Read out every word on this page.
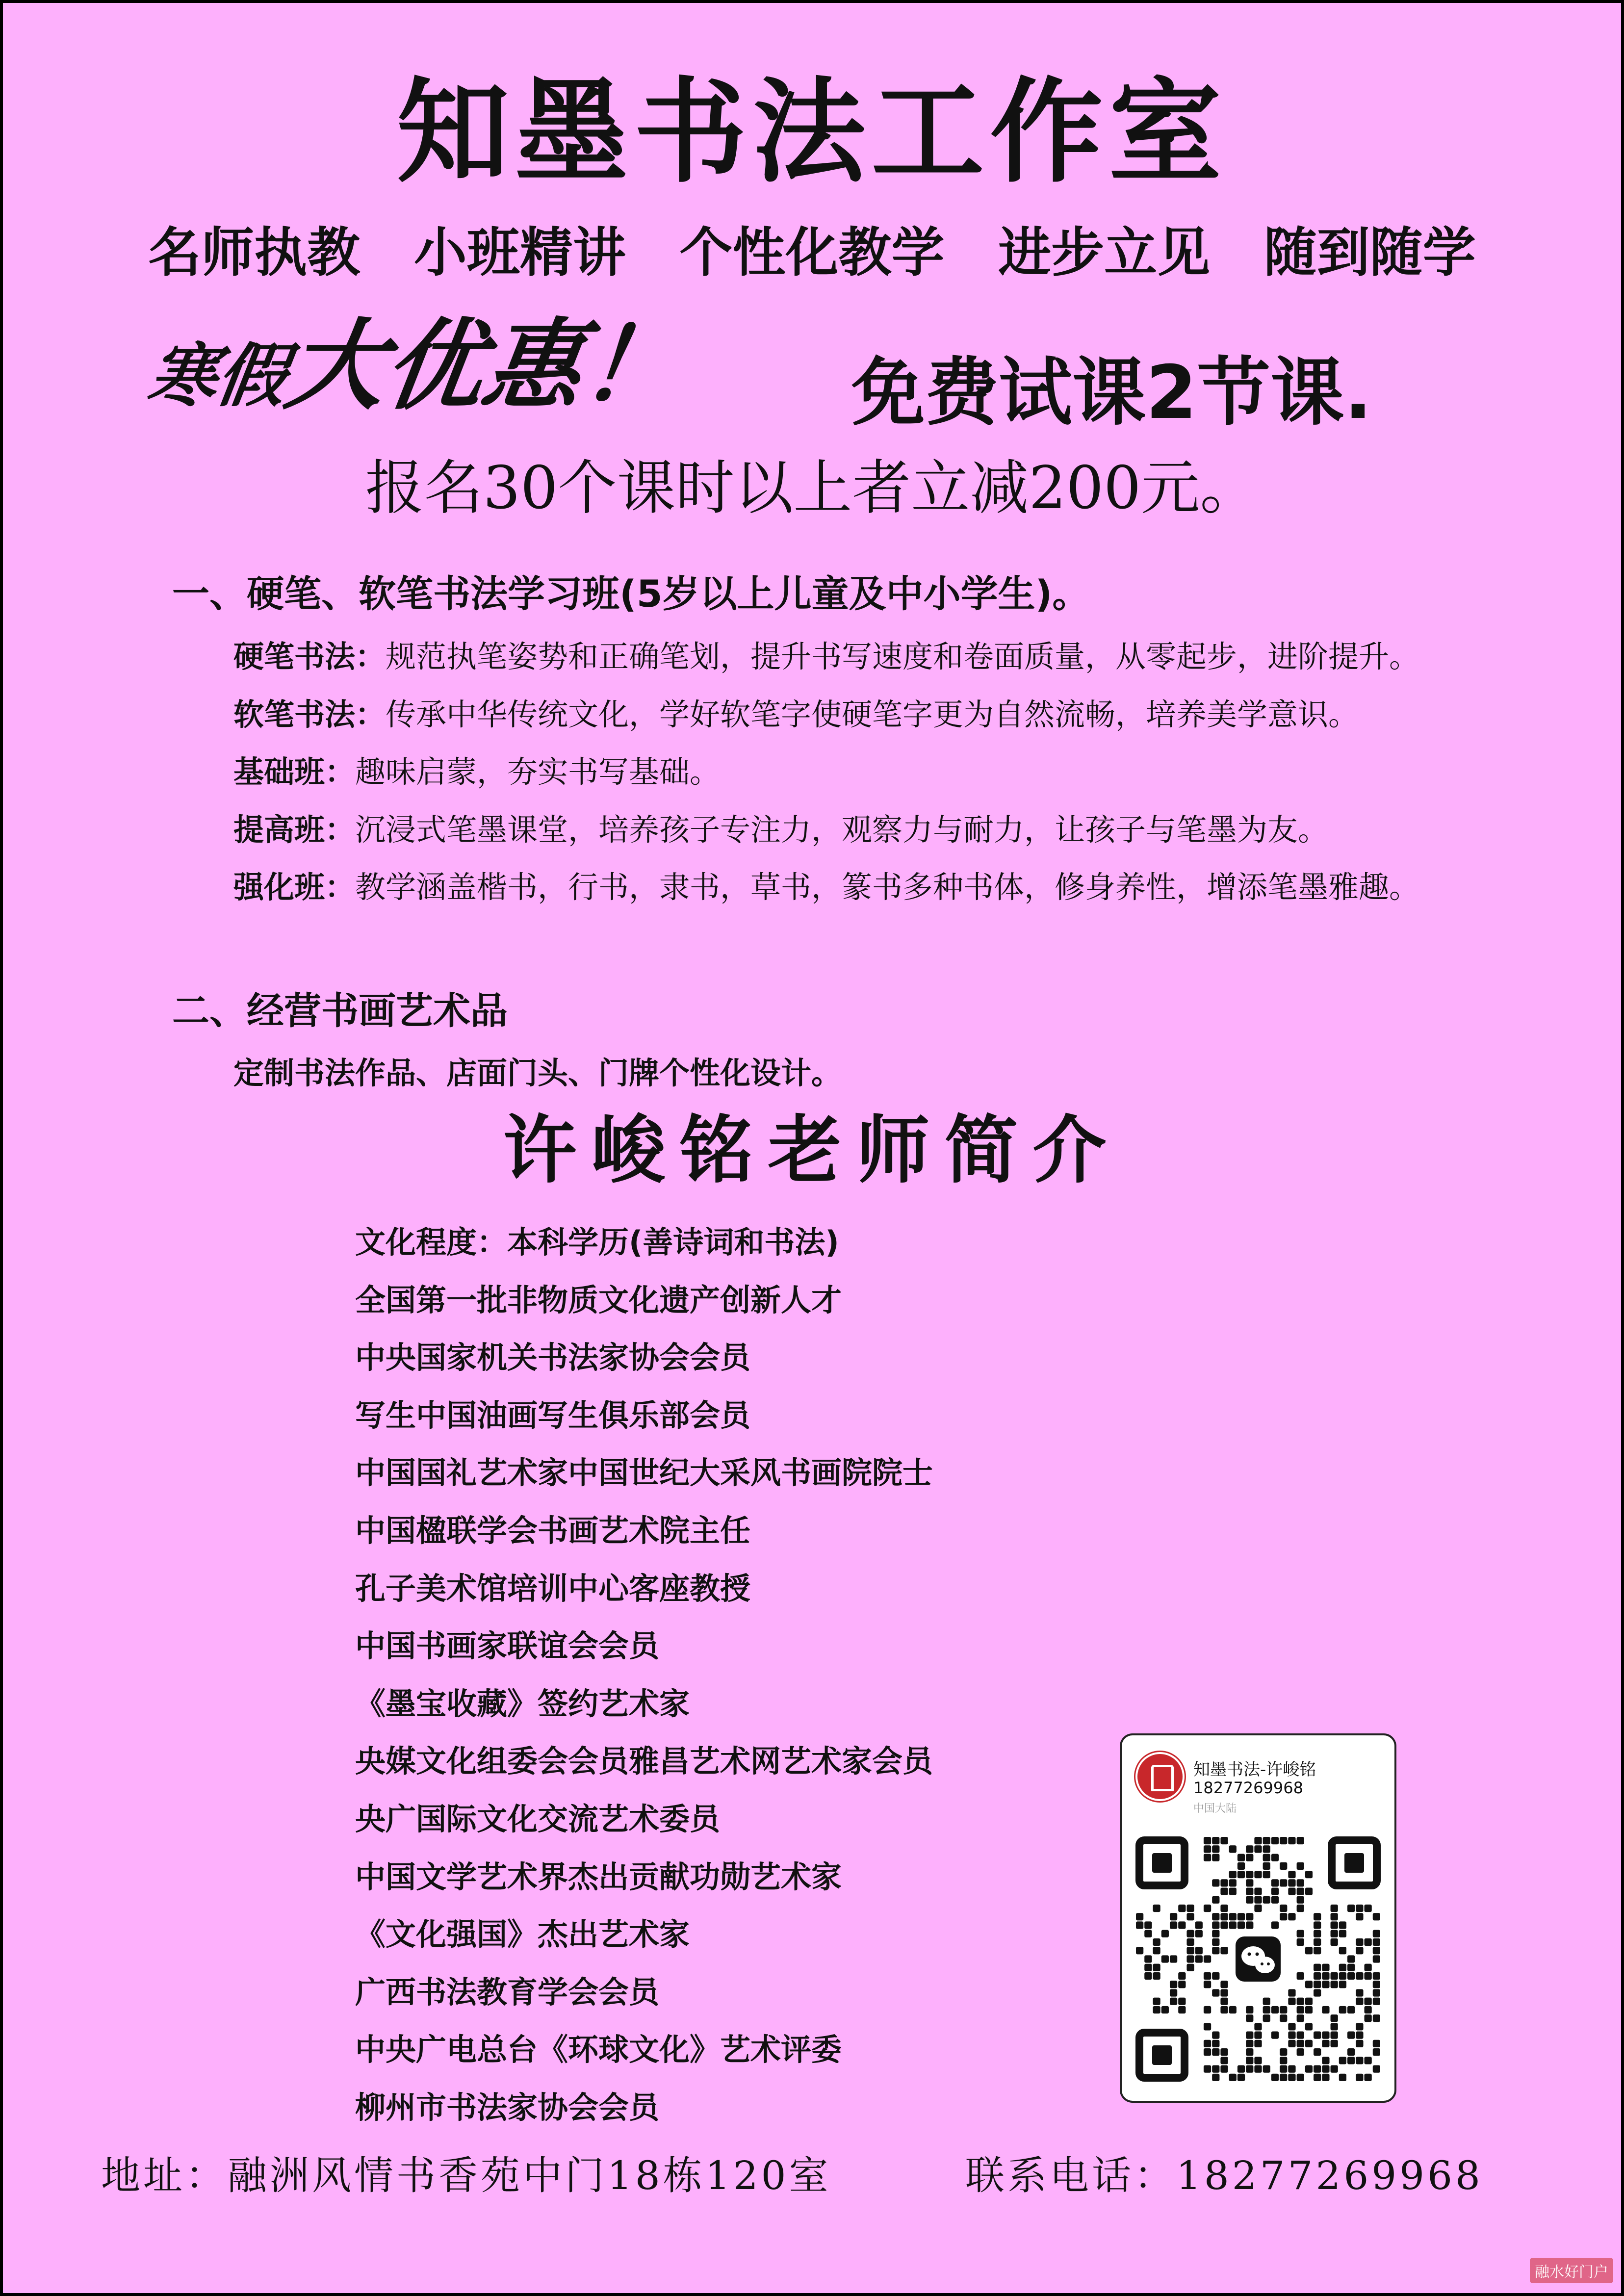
知墨书法工作室
名师执教 小班精讲 个性化教学 进步立见 随到随学
寒假大优惠！ 免费试课2节课.
报名30个课时以上者立减200元。
一、硬笔、软笔书法学习班(5岁以上儿童及中小学生)。
硬笔书法：规范执笔姿势和正确笔划，提升书写速度和卷面质量，从零起步，进阶提升。
软笔书法：传承中华传统文化，学好软笔字使硬笔字更为自然流畅，培养美学意识。
基础班：趣味启蒙，夯实书写基础。
提高班：沉浸式笔墨课堂，培养孩子专注力，观察力与耐力，让孩子与笔墨为友。
强化班：教学涵盖楷书，行书，隶书，草书，篆书多种书体，修身养性，增添笔墨雅趣。
二、经营书画艺术品
定制书法作品、店面门头、门牌个性化设计。
许峻铭老师简介
文化程度：本科学历(善诗词和书法)
全国第一批非物质文化遗产创新人才
中央国家机关书法家协会会员
写生中国油画写生俱乐部会员
中国国礼艺术家中国世纪大采风书画院院士
中国楹联学会书画艺术院主任
孔子美术馆培训中心客座教授
中国书画家联谊会会员
《墨宝收藏》签约艺术家
央媒文化组委会会员雅昌艺术网艺术家会员
央广国际文化交流艺术委员
中国文学艺术界杰出贡献功勋艺术家
《文化强国》杰出艺术家
广西书法教育学会会员
中央广电总台《环球文化》艺术评委
柳州市书法家协会会员
知墨书法-许峻铭
18277269968
中国大陆
地址：融洲风情书香苑中门18栋120室	联系电话：18277269968
融水好门户
